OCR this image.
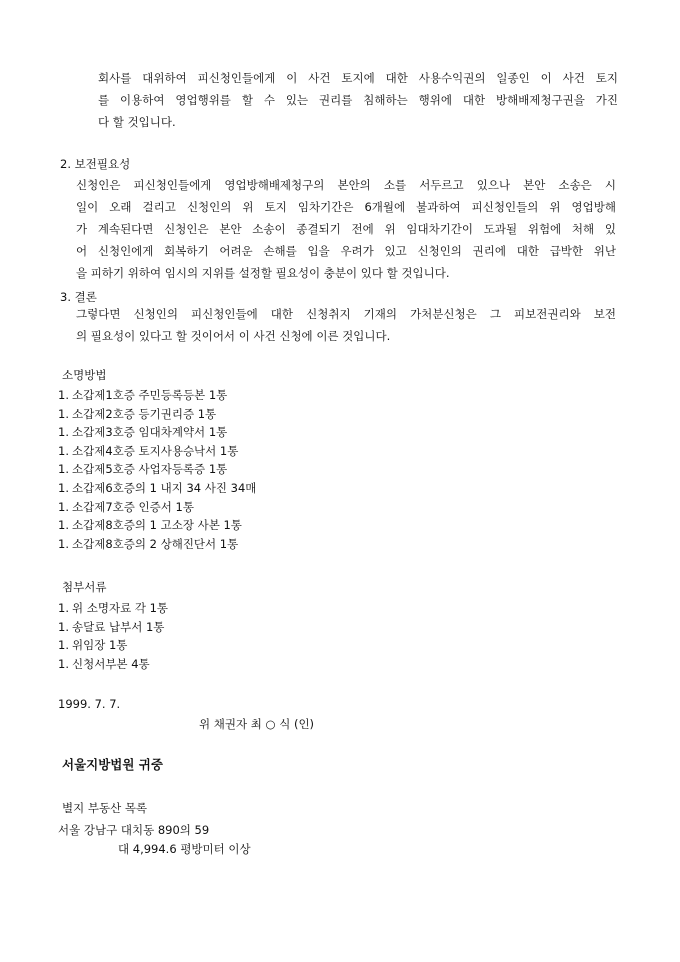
회사를 대위하여 피신청인들에게 이 사건 토지에 대한 사용수익권의 일종인 이 사건 토지
를 이용하여 영업행위를 할 수 있는 권리를 침해하는 행위에 대한 방해배제청구권을 가진
다 할 것입니다.
2. 보전필요성
신청인은 피신청인들에게 영업방해배제청구의 본안의 소를 서두르고 있으나 본안 소송은 시
일이 오래 걸리고 신청인의 위 토지 임차기간은 6개월에 불과하여 피신청인들의 위 영업방해
가 계속된다면 신청인은 본안 소송이 종결되기 전에 위 임대차기간이 도과될 위험에 처해 있
어 신청인에게 회복하기 어려운 손해를 입을 우려가 있고 신청인의 권리에 대한 급박한 위난
을 피하기 위하여 임시의 지위를 설정할 필요성이 충분이 있다 할 것입니다.
3. 결론
그렇다면 신청인의 피신청인들에 대한 신청취지 기재의 가처분신청은 그 피보전권리와 보전
의 필요성이 있다고 할 것이어서 이 사건 신청에 이른 것입니다.
소명방법
1. 소갑제1호증 주민등록등본 1통
1. 소갑제2호증 등기권리증 1통
1. 소갑제3호증 임대차계약서 1통
1. 소갑제4호증 토지사용승낙서 1통
1. 소갑제5호증 사업자등록증 1통
1. 소갑제6호증의 1 내지 34 사진 34매
1. 소갑제7호증 인증서 1통
1. 소갑제8호증의 1 고소장 사본 1통
1. 소갑제8호증의 2 상해진단서 1통
첨부서류
1. 위 소명자료 각 1통
1. 송달료 납부서 1통
1. 위임장 1통
1. 신청서부본 4통
1999. 7. 7.
위 채권자 최 ○ 식 (인)
서울지방법원 귀중
별지 부동산 목록
서울 강남구 대치동 890의 59
대 4,994.6 평방미터 이상
